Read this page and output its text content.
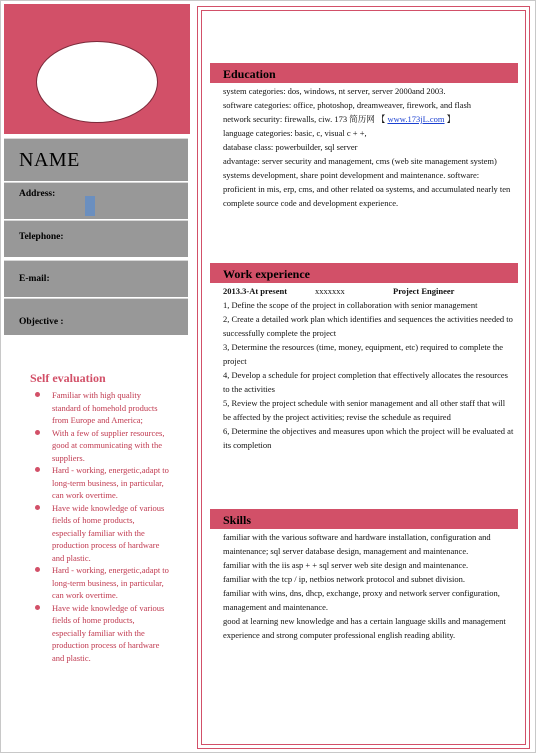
NAME
Address:
Telephone:
E-mail:
Objective :
Self evaluation
Familiar with high quality standard of homehold products from Europe and America;
With a few of supplier resources, good at communicating with the suppliers.
Hard - working, energetic,adapt to long-term business, in particular, can work overtime.
Have wide knowledge of various fields of home products, especially familiar with the production process of hardware and plastic.
Hard - working, energetic,adapt to long-term business, in particular, can work overtime.
Have wide knowledge of various fields of home products, especially familiar with the production process of hardware and plastic.
Education

system categories: dos, windows, nt server, server 2000and 2003.

software categories: office, photoshop, dreamweaver, firework, and flash

network security: firewalls, ciw. 173 简历网 【 www.173jL.com 】

language categories: basic, c, visual c + +,

database class: powerbuilder, sql server

advantage: server security and management, cms (web site management system) systems development, share point development and maintenance. software: proficient in mis, erp, cms, and other related oa systems, and accumulated nearly ten complete source code and development experience.

Work experience

2013.3-At present	xxxxxxx	Project Engineer

1, Define the scope of the project in collaboration with senior management

2, Create a detailed work plan which identifies and sequences the activities needed to successfully complete the project

3, Determine the resources (time, money, equipment, etc) required to complete the project

4, Develop a schedule for project completion that effectively allocates the resources to the activities

5, Review the project schedule with senior management and all other staff that will be affected by the project activities; revise the schedule as required

6, Determine the objectives and measures upon which the project will be evaluated at its completion

Skills

familiar with the various software and hardware installation, configuration and maintenance; sql server database design, management and maintenance.

familiar with the iis asp + + sql server web site design and maintenance.

familiar with the tcp / ip, netbios network protocol and subnet division.

familiar with wins, dns, dhcp, exchange, proxy and network server configuration, management and maintenance.

good at learning new knowledge and has a certain language skills and management experience and strong computer professional english reading ability.
